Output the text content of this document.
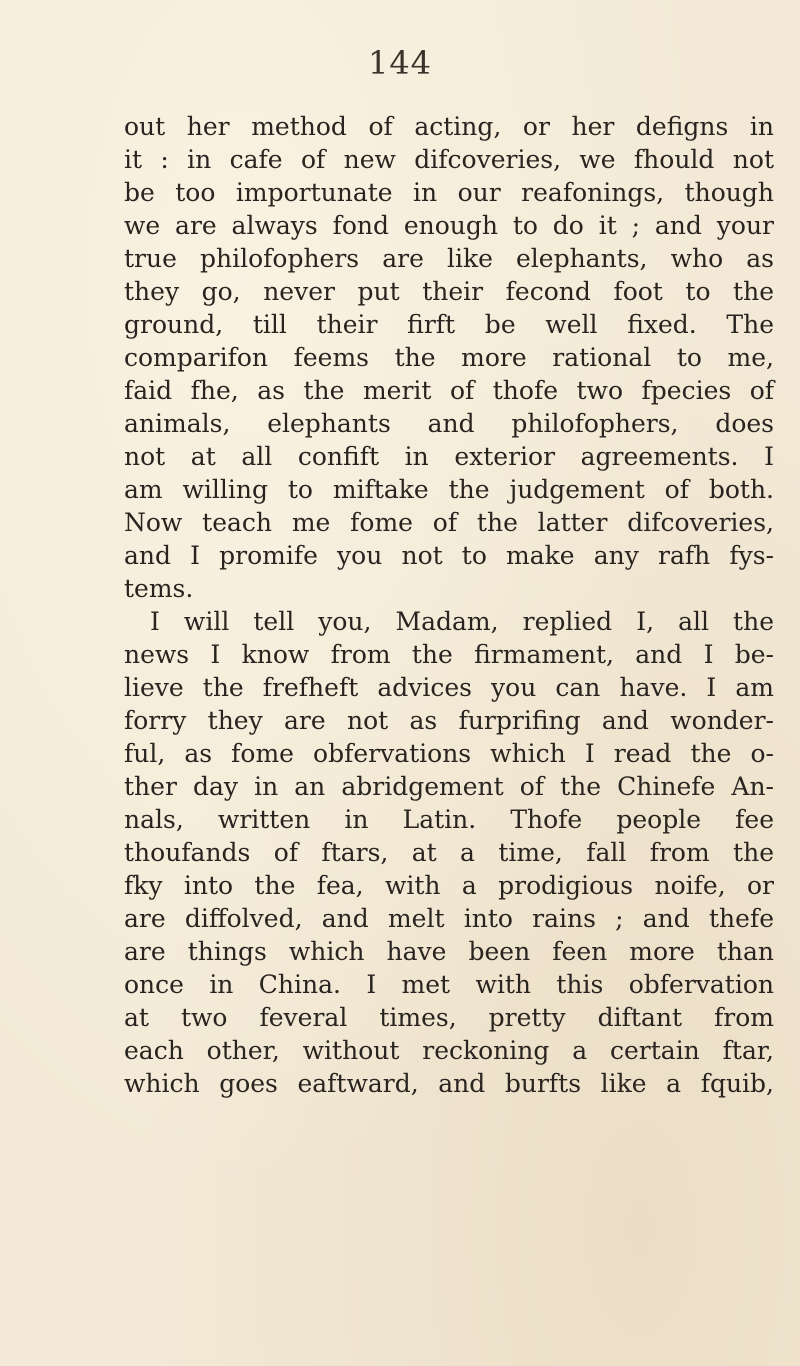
144
out her method of acting, or her defigns in
it : in cafe of new difcoveries, we fhould not
be too importunate in our reafonings, though
we are always fond enough to do it ; and your
true philofophers are like elephants, who as
they go, never put their fecond foot to the
ground, till their firft be well fixed. The
comparifon feems the more rational to me,
faid fhe, as the merit of thofe two fpecies of
animals, elephants and philofophers, does
not at all confift in exterior agreements. I
am willing to miftake the judgement of both.
Now teach me fome of the latter difcoveries,
and I promife you not to make any rafh fys-
tems.
I will tell you, Madam, replied I, all the
news I know from the firmament, and I be-
lieve the frefheft advices you can have. I am
forry they are not as furprifing and wonder-
ful, as fome obfervations which I read the o-
ther day in an abridgement of the Chinefe An-
nals, written in Latin. Thofe people fee
thoufands of ftars, at a time, fall from the
fky into the fea, with a prodigious noife, or
are diffolved, and melt into rains ; and thefe
are things which have been feen more than
once in China. I met with this obfervation
at two feveral times, pretty diftant from
each other, without reckoning a certain ftar,
which goes eaftward, and burfts like a fquib,
